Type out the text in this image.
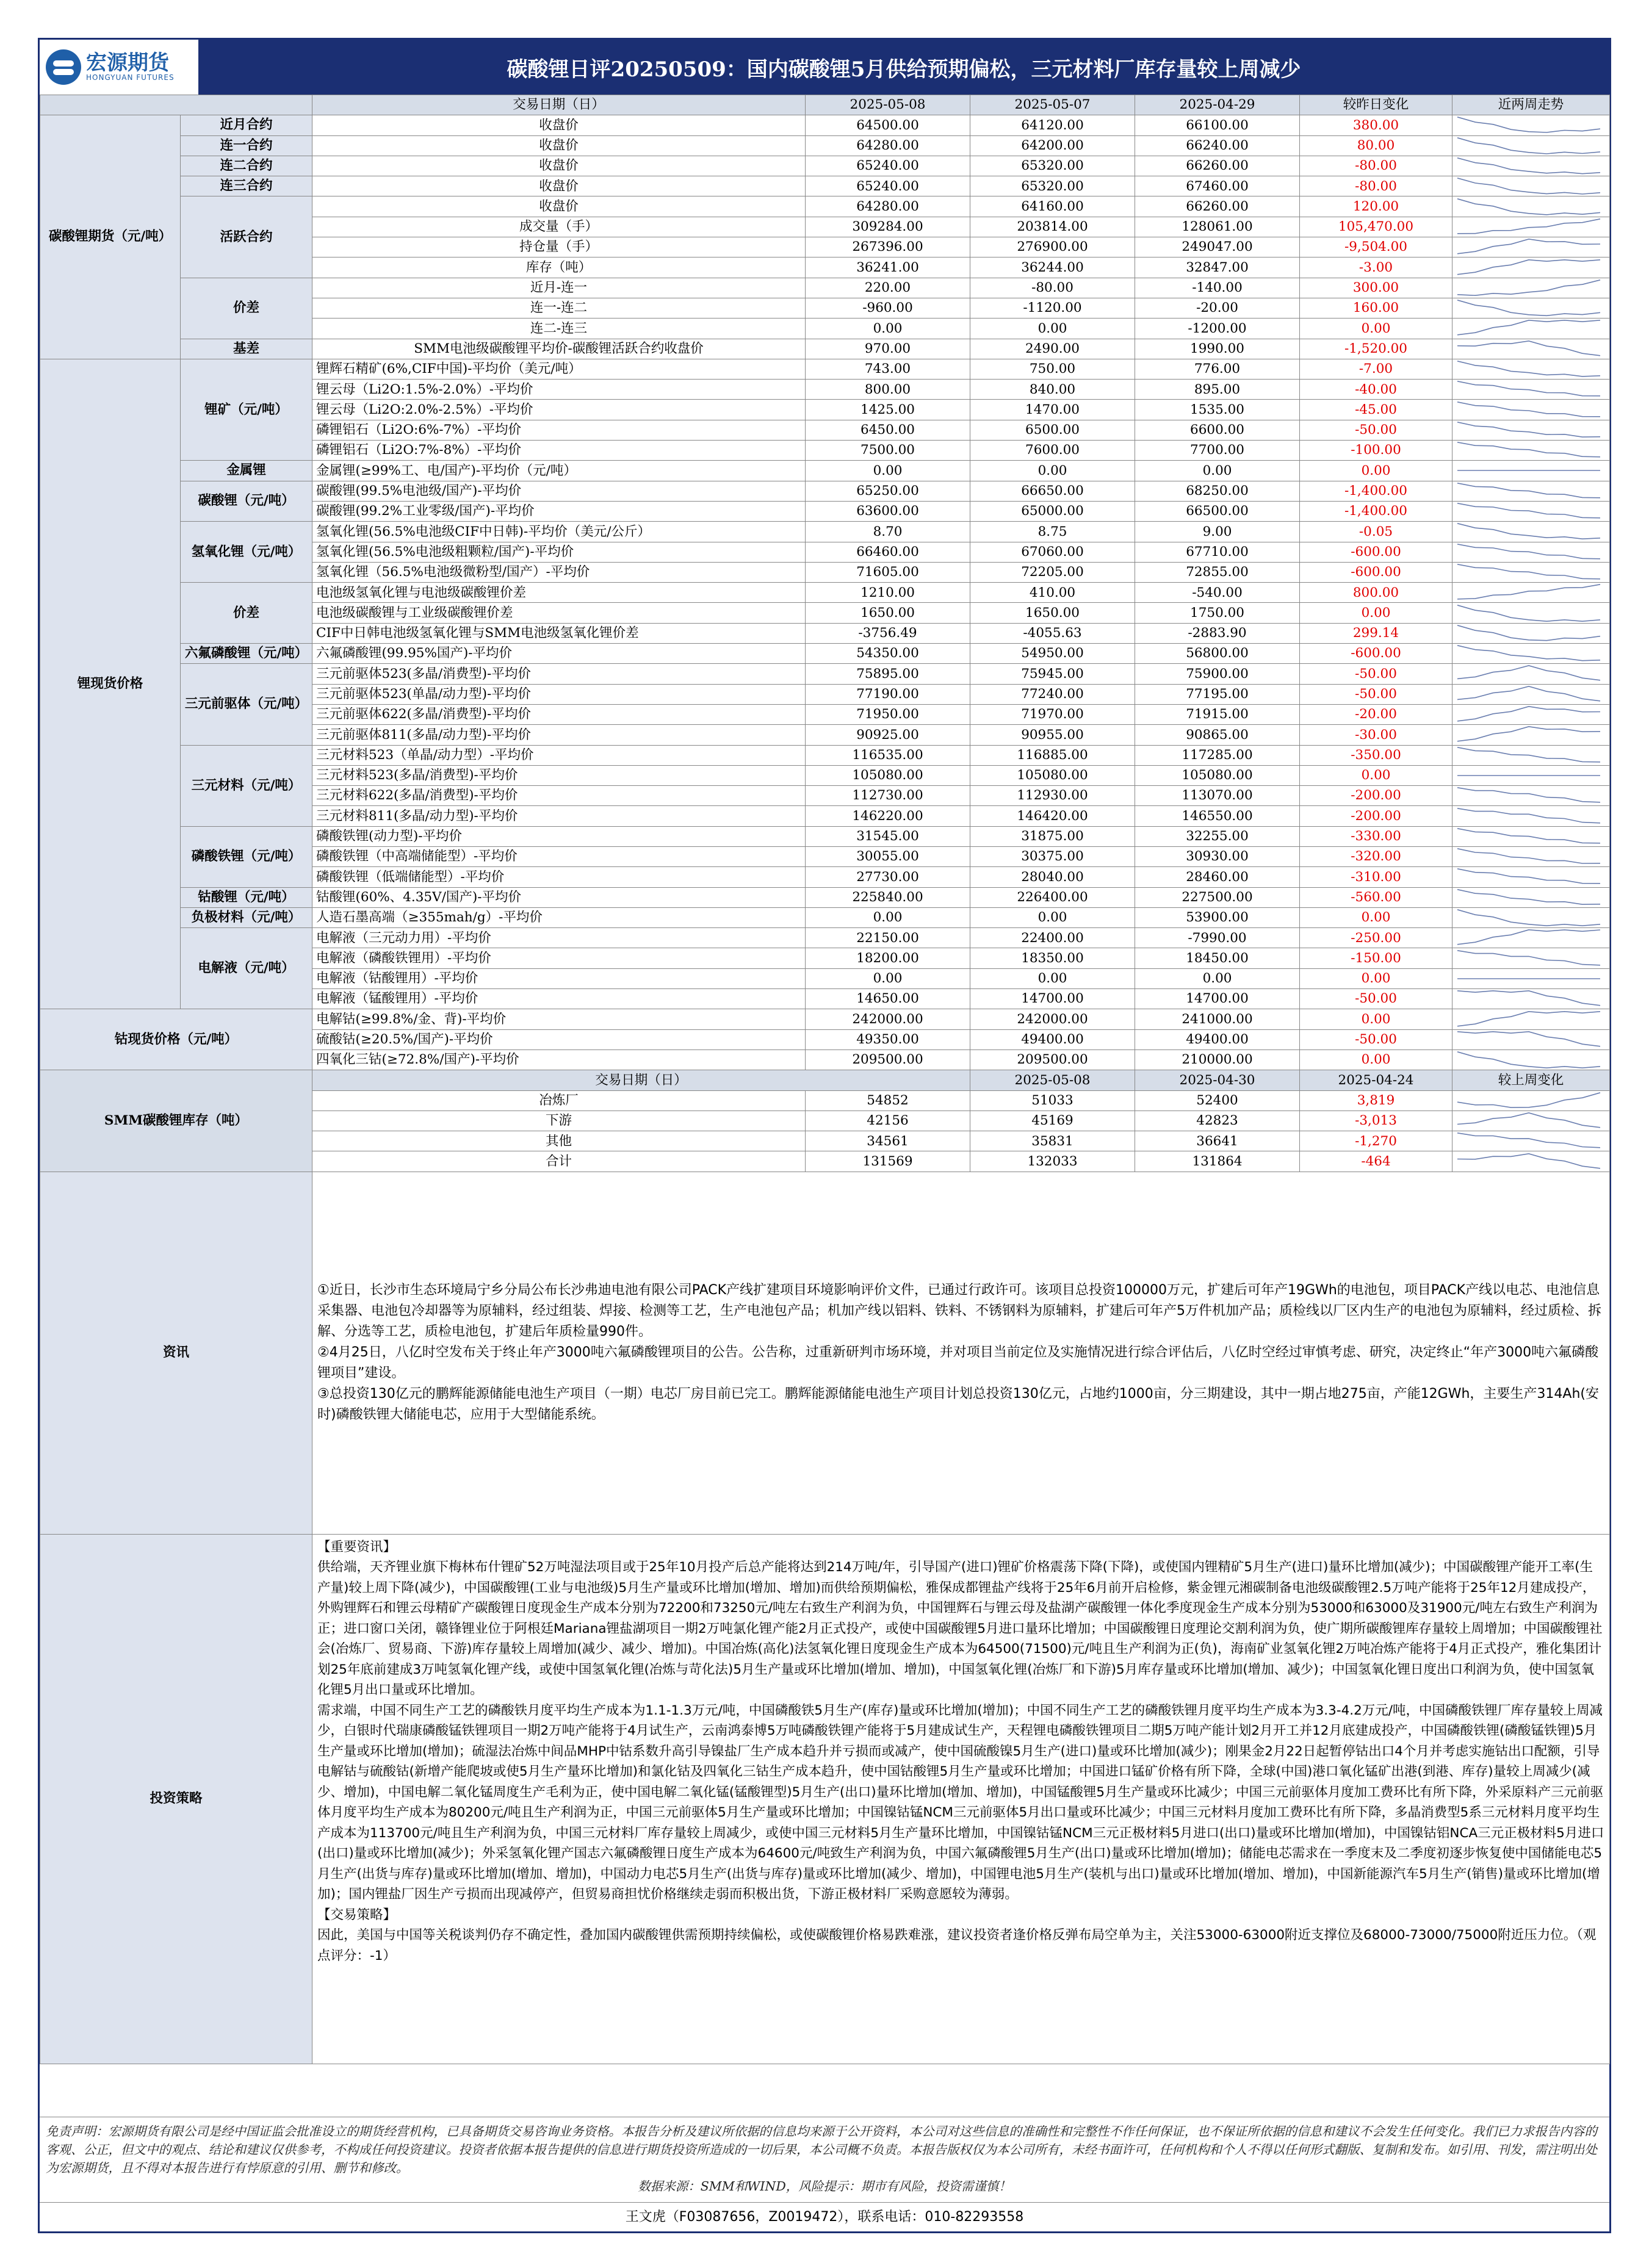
宏源期货
HONGYUAN FUTURES	碳酸锂日评20250509：国内碳酸锂5月供给预期偏松，三元材料厂库存量较上周减少
		交易日期（日）	2025-05-08	2025-05-07	2025-04-29	较昨日变化	近两周走势	
碳酸锂期货（元/吨）	近月合约	收盘价	64500.00	64120.00	66100.00	380.00	

	连一合约	收盘价	64280.00	64200.00	66240.00	80.00	

	连二合约	收盘价	65240.00	65320.00	66260.00	-80.00	

	连三合约	收盘价	65240.00	65320.00	67460.00	-80.00	

	活跃合约	收盘价	64280.00	64160.00	66260.00	120.00	

		成交量（手）	309284.00	203814.00	128061.00	105,470.00	

		持仓量（手）	267396.00	276900.00	249047.00	-9,504.00	

		库存（吨）	36241.00	36244.00	32847.00	-3.00	

	价差	近月-连一	220.00	-80.00	-140.00	300.00	

		连一-连二	-960.00	-1120.00	-20.00	160.00	

		连二-连三	0.00	0.00	-1200.00	0.00	

	基差	SMM电池级碳酸锂平均价-碳酸锂活跃合约收盘价	970.00	2490.00	1990.00	-1,520.00	

锂现货价格	锂矿（元/吨）	锂辉石精矿(6%,CIF中国)-平均价（美元/吨）	743.00	750.00	776.00	-7.00	

		锂云母（Li2O:1.5%-2.0%）-平均价	800.00	840.00	895.00	-40.00	

		锂云母（Li2O:2.0%-2.5%）-平均价	1425.00	1470.00	1535.00	-45.00	

		磷锂铝石（Li2O:6%-7%）-平均价	6450.00	6500.00	6600.00	-50.00	

		磷锂铝石（Li2O:7%-8%）-平均价	7500.00	7600.00	7700.00	-100.00	

	金属锂	金属锂(≥99%工、电/国产)-平均价（元/吨）	0.00	0.00	0.00	0.00	

	碳酸锂（元/吨）	碳酸锂(99.5%电池级/国产)-平均价	65250.00	66650.00	68250.00	-1,400.00	

		碳酸锂(99.2%工业零级/国产)-平均价	63600.00	65000.00	66500.00	-1,400.00	

	氢氧化锂（元/吨）	氢氧化锂(56.5%电池级CIF中日韩)-平均价（美元/公斤）	8.70	8.75	9.00	-0.05	

		氢氧化锂(56.5%电池级粗颗粒/国产)-平均价	66460.00	67060.00	67710.00	-600.00	

		氢氧化锂（56.5%电池级微粉型/国产）-平均价	71605.00	72205.00	72855.00	-600.00	

	价差	电池级氢氧化锂与电池级碳酸锂价差	1210.00	410.00	-540.00	800.00	

		电池级碳酸锂与工业级碳酸锂价差	1650.00	1650.00	1750.00	0.00	

		CIF中日韩电池级氢氧化锂与SMM电池级氢氧化锂价差	-3756.49	-4055.63	-2883.90	299.14	

	六氟磷酸锂（元/吨）	六氟磷酸锂(99.95%国产)-平均价	54350.00	54950.00	56800.00	-600.00	

	三元前驱体（元/吨）	三元前驱体523(多晶/消费型)-平均价	75895.00	75945.00	75900.00	-50.00	

		三元前驱体523(单晶/动力型)-平均价	77190.00	77240.00	77195.00	-50.00	

		三元前驱体622(多晶/消费型)-平均价	71950.00	71970.00	71915.00	-20.00	

		三元前驱体811(多晶/动力型)-平均价	90925.00	90955.00	90865.00	-30.00	

	三元材料（元/吨）	三元材料523（单晶/动力型）-平均价	116535.00	116885.00	117285.00	-350.00	

		三元材料523(多晶/消费型)-平均价	105080.00	105080.00	105080.00	0.00	

		三元材料622(多晶/消费型)-平均价	112730.00	112930.00	113070.00	-200.00	

		三元材料811(多晶/动力型)-平均价	146220.00	146420.00	146550.00	-200.00	

	磷酸铁锂（元/吨）	磷酸铁锂(动力型)-平均价	31545.00	31875.00	32255.00	-330.00	

		磷酸铁锂（中高端储能型）-平均价	30055.00	30375.00	30930.00	-320.00	

		磷酸铁锂（低端储能型）-平均价	27730.00	28040.00	28460.00	-310.00	

	钴酸锂（元/吨）	钴酸锂(60%、4.35V/国产)-平均价	225840.00	226400.00	227500.00	-560.00	

	负极材料（元/吨）	人造石墨高端（≥355mah/g）-平均价	0.00	0.00	53900.00	0.00	

	电解液（元/吨）	电解液（三元动力用）-平均价	22150.00	22400.00	-7990.00	-250.00	

		电解液（磷酸铁锂用）-平均价	18200.00	18350.00	18450.00	-150.00	

		电解液（钴酸锂用）-平均价	0.00	0.00	0.00	0.00	

		电解液（锰酸锂用）-平均价	14650.00	14700.00	14700.00	-50.00	

钴现货价格（元/吨）		电解钴(≥99.8%/金、背)-平均价	242000.00	242000.00	241000.00	0.00	

		硫酸钴(≥20.5%/国产)-平均价	49350.00	49400.00	49400.00	-50.00	

		四氧化三钴(≥72.8%/国产)-平均价	209500.00	209500.00	210000.00	0.00	

SMM碳酸锂库存（吨）		交易日期（日）		2025-05-08	2025-04-30	2025-04-24	较上周变化	
		冶炼厂	54852	51033	52400	3,819	

		下游	42156	45169	42823	-3,013	

		其他	34561	35831	36641	-1,270	

		合计	131569	132033	131864	-464	

资讯		①近日，长沙市生态环境局宁乡分局公布长沙弗迪电池有限公司PACK产线扩建项目环境影响评价文件，已通过行政许可。该项目总投资100000万元，扩建后可年产19GWh的电池包，项目PACK产线以电芯、电池信息采集器、电池包冷却器等为原辅料，经过组装、焊接、检测等工艺，生产电池包产品；机加产线以铝料、铁料、不锈钢料为原辅料，扩建后可年产5万件机加产品；质检线以厂区内生产的电池包为原辅料，经过质检、拆解、分选等工艺，质检电池包，扩建后年质检量990件。
②4月25日，八亿时空发布关于终止年产3000吨六氟磷酸锂项目的公告。公告称，过重新研判市场环境，并对项目当前定位及实施情况进行综合评估后，八亿时空经过审慎考虑、研究，决定终止“年产3000吨六氟磷酸锂项目”建设。
③总投资130亿元的鹏辉能源储能电池生产项目（一期）电芯厂房目前已完工。鹏辉能源储能电池生产项目计划总投资130亿元，占地约1000亩，分三期建设，其中一期占地275亩，产能12GWh，主要生产314Ah(安时)磷酸铁锂大储能电芯，应用于大型储能系统。						

投资策略		【重要资讯】
供给端，天齐锂业旗下梅林布什锂矿52万吨湿法项目或于25年10月投产后总产能将达到214万吨/年，引导国产(进口)锂矿价格震荡下降(下降)，或使国内锂精矿5月生产(进口)量环比增加(减少)；中国碳酸锂产能开工率(生产量)较上周下降(减少)，中国碳酸锂(工业与电池级)5月生产量或环比增加(增加、增加)而供给预期偏松，雅保成都锂盐产线将于25年6月前开启检修，紫金锂元湘碳制备电池级碳酸锂2.5万吨产能将于25年12月建成投产，外购锂辉石和锂云母精矿产碳酸锂日度现金生产成本分别为72200和73250元/吨左右致生产利润为负，中国锂辉石与锂云母及盐湖产碳酸锂一体化季度现金生产成本分别为53000和63000及31900元/吨左右致生产利润为正；进口窗口关闭，赣锋锂业位于阿根廷Mariana锂盐湖项目一期2万吨氯化锂产能2月正式投产，或使中国碳酸锂5月进口量环比增加；中国碳酸锂日度理论交割利润为负，使广期所碳酸锂库存量较上周增加；中国碳酸锂社会(冶炼厂、贸易商、下游)库存量较上周增加(减少、减少、增加)。中国冶炼(高化)法氢氧化锂日度现金生产成本为64500(71500)元/吨且生产利润为正(负)，海南矿业氢氧化锂2万吨冶炼产能将于4月正式投产，雅化集团计划25年底前建成3万吨氢氧化锂产线，或使中国氢氧化锂(冶炼与苛化法)5月生产量或环比增加(增加、增加)，中国氢氧化锂(冶炼厂和下游)5月库存量或环比增加(增加、减少)；中国氢氧化锂日度出口利润为负，使中国氢氧化锂5月出口量或环比增加。
需求端，中国不同生产工艺的磷酸铁月度平均生产成本为1.1-1.3万元/吨，中国磷酸铁5月生产(库存)量或环比增加(增加)；中国不同生产工艺的磷酸铁锂月度平均生产成本为3.3-4.2万元/吨，中国磷酸铁锂厂库存量较上周减少，白银时代瑞康磷酸锰铁锂项目一期2万吨产能将于4月试生产，云南鸿泰博5万吨磷酸铁锂产能将于5月建成试生产，天程锂电磷酸铁锂项目二期5万吨产能计划2月开工并12月底建成投产，中国磷酸铁锂(磷酸锰铁锂)5月生产量或环比增加(增加)；硫湿法冶炼中间品MHP中钴系数升高引导镍盐厂生产成本趋升并亏损而或减产，使中国硫酸镍5月生产(进口)量或环比增加(减少)；刚果金2月22日起暂停钴出口4个月并考虑实施钴出口配额，引导电解钴与硫酸钴(新增产能爬坡或使5月生产量环比增加)和氯化钴及四氧化三钴生产成本趋升，使中国钴酸锂5月生产量或环比增加；中国进口锰矿价格有所下降，全球(中国)港口氧化锰矿出港(到港、库存)量较上周减少(减少、增加)，中国电解二氧化锰周度生产毛利为正，使中国电解二氧化锰(锰酸锂型)5月生产(出口)量环比增加(增加、增加)，中国锰酸锂5月生产量或环比减少；中国三元前驱体月度加工费环比有所下降，外采原料产三元前驱体月度平均生产成本为80200元/吨且生产利润为正，中国三元前驱体5月生产量或环比增加；中国镍钴锰NCM三元前驱体5月出口量或环比减少；中国三元材料月度加工费环比有所下降，多晶消费型5系三元材料月度平均生产成本为113700元/吨且生产利润为负，中国三元材料厂库存量较上周减少，或使中国三元材料5月生产量环比增加，中国镍钴锰NCM三元正极材料5月进口(出口)量或环比增加(增加)，中国镍钴铝NCA三元正极材料5月进口(出口)量或环比增加(减少)；外采氢氧化锂产国志六氟磷酸锂日度生产成本为64600元/吨致生产利润为负，中国六氟磷酸锂5月生产(出口)量或环比增加(增加)；储能电芯需求在一季度末及二季度初逐步恢复使中国储能电芯5月生产(出货与库存)量或环比增加(增加、增加)，中国动力电芯5月生产(出货与库存)量或环比增加(减少、增加)，中国锂电池5月生产(装机与出口)量或环比增加(增加、增加)，中国新能源汽车5月生产(销售)量或环比增加(增加)；国内锂盐厂因生产亏损而出现减停产，但贸易商担忧价格继续走弱而积极出货，下游正极材料厂采购意愿较为薄弱。
【交易策略】
因此，美国与中国等关税谈判仍存不确定性，叠加国内碳酸锂供需预期持续偏松，或使碳酸锂价格易跌难涨，建议投资者逢价格反弹布局空单为主，关注53000-63000附近支撑位及68000-73000/75000附近压力位。（观点评分：-1）						
免责声明：宏源期货有限公司是经中国证监会批准设立的期货经营机构，已具备期货交易咨询业务资格。本报告分析及建议所依据的信息均来源于公开资料，本公司对这些信息的准确性和完整性不作任何保证，也不保证所依据的信息和建议不会发生任何变化。我们已力求报告内容的客观、公正，但文中的观点、结论和建议仅供参考，不构成任何投资建议。投资者依据本报告提供的信息进行期货投资所造成的一切后果，本公司概不负责。本报告版权仅为本公司所有，未经书面许可，任何机构和个人不得以任何形式翻版、复制和发布。如引用、刊发，需注明出处为宏源期货，且不得对本报告进行有悖原意的引用、删节和修改。
数据来源：SMM和WIND，风险提示：期市有风险，投资需谨慎！
王文虎（F03087656，Z0019472），联系电话：010-82293558
